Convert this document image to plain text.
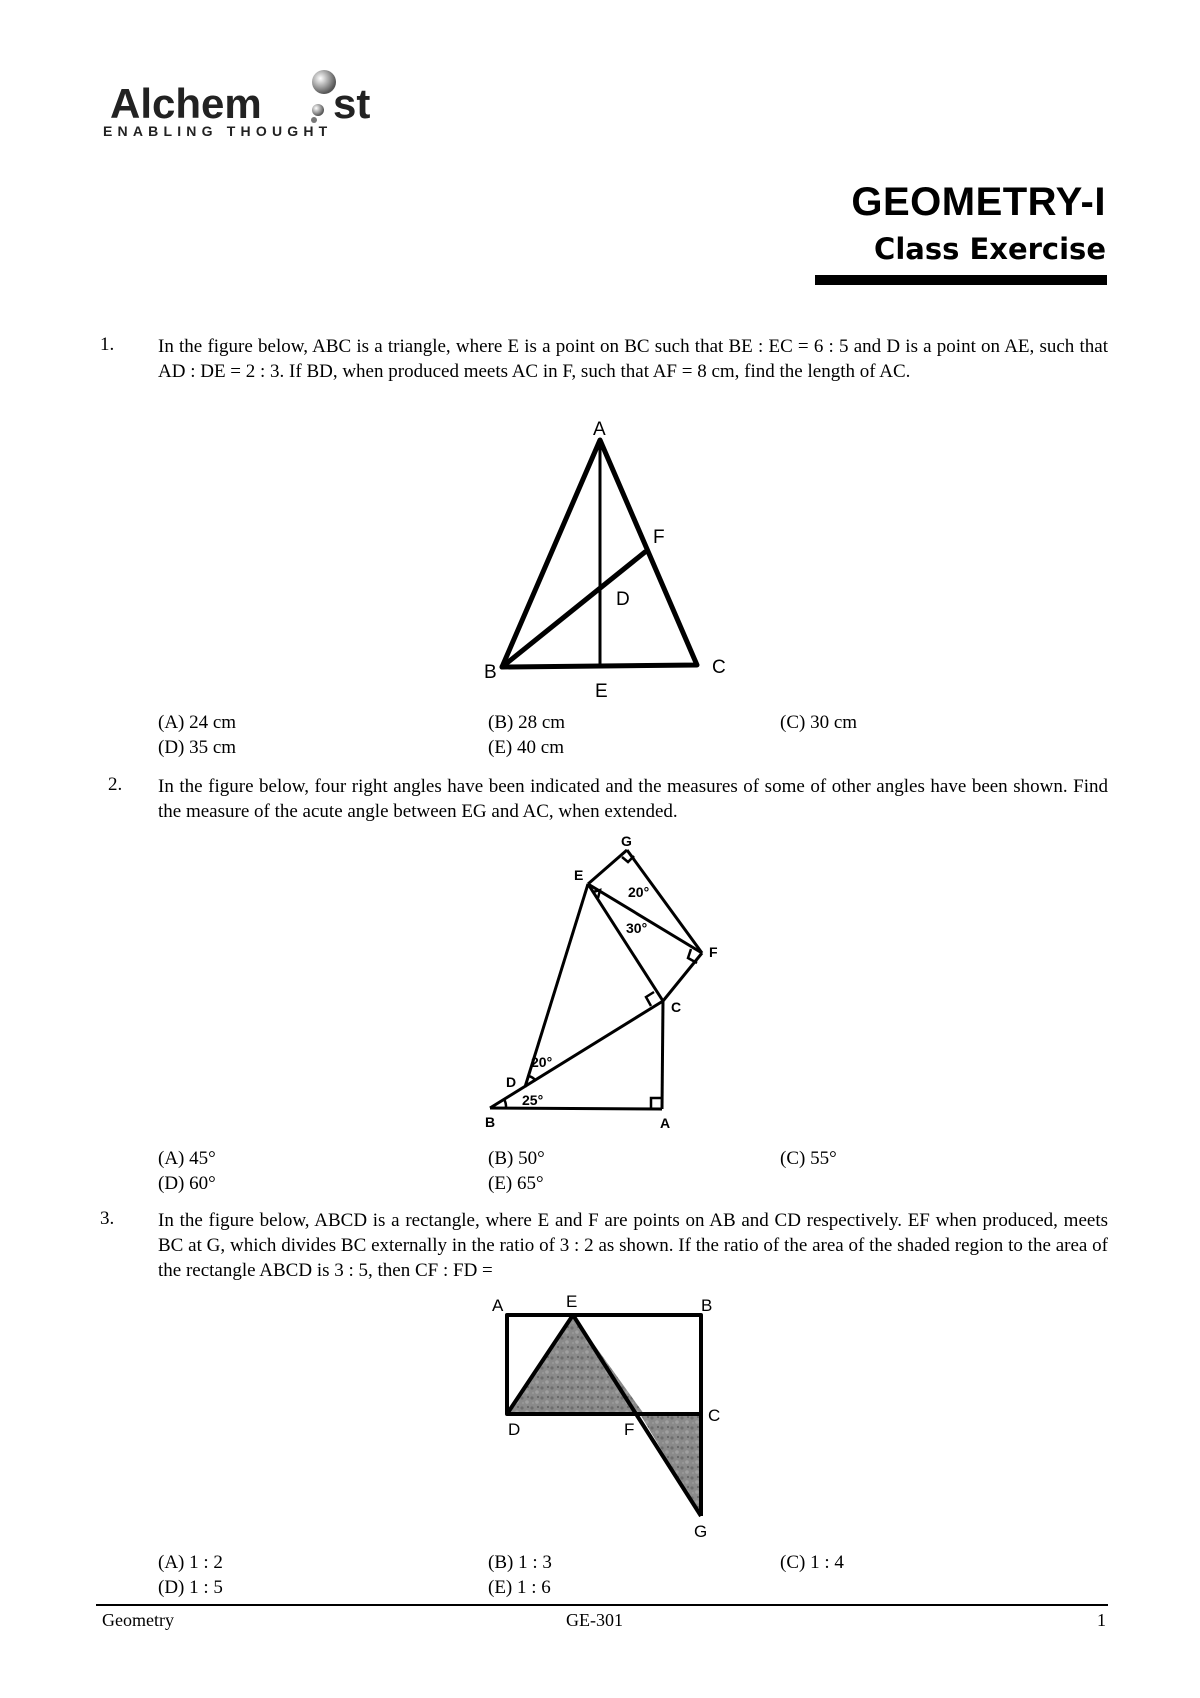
Alchem st
ENABLING THOUGHT
GEOMETRY-I
Class Exercise
1. In the figure below, ABC is a triangle, where E is a point on BC such that BE : EC = 6 : 5 and D is a point on AE, such that AD : DE = 2 : 3. If BD, when produced meets AC in F, such that AF = 8 cm, find the length of AC.
A
B	C
D
E
F
(A) 24 cm	(B) 28 cm	(C) 30 cm
(D) 35 cm	(E) 40 cm
2. In the figure below, four right angles have been indicated and the measures of some of other angles have been shown. Find the measure of the acute angle between EG and AC, when extended.
G
E
F
C
D
B	A
20°
30°
20°
25°
(A) 45°	(B) 50°	(C) 55°
(D) 60°	(E) 65°
3. In the figure below, ABCD is a rectangle, where E and F are points on AB and CD respectively. EF when produced, meets BC at G, which divides BC externally in the ratio of 3 : 2 as shown. If the ratio of the area of the shaded region to the area of the rectangle ABCD is 3 : 5, then CF : FD =
A	E	B
C
D	F
G
(A) 1 : 2	(B) 1 : 3	(C) 1 : 4
(D) 1 : 5	(E) 1 : 6
Geometry	GE-301	1
